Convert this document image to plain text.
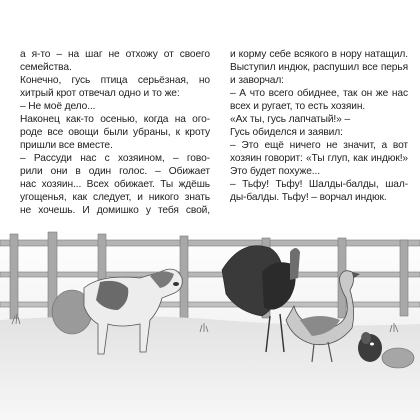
а я-то – на шаг не отхожу от своего
семейства.
Конечно, гусь птица серьёзная, но
хитрый крот отвечал одно и то же:
– Не моё дело...
Наконец как-то осенью, когда на ого-
роде все овощи были убраны, к кроту
пришли все вместе.
– Рассуди нас с хозяином, – говo-
рили они в один голос. – Обижает
нас хозяин... Всех обижает. Ты ждёшь
угощенья, как следует, и никого знать
не хочешь. И домишко у тебя свой,
и корму себе всякого в нору натащил.
Выступил индюк, распушил все перья
и заворчал:
– А что всего обиднее, так он же нас
всех и ругает, то есть хозяин.
«Ах ты, гусь лапчатый!» –
Гусь обиделся и заявил:
– Это ещё ничего не значит, а вот
хозяин говорит: «Ты глуп, как индюк!»
Это будет похуже...
– Тьфу! Тьфу! Шалды-балды, шал-
ды-балды. Тьфу! – ворчал индюк.
